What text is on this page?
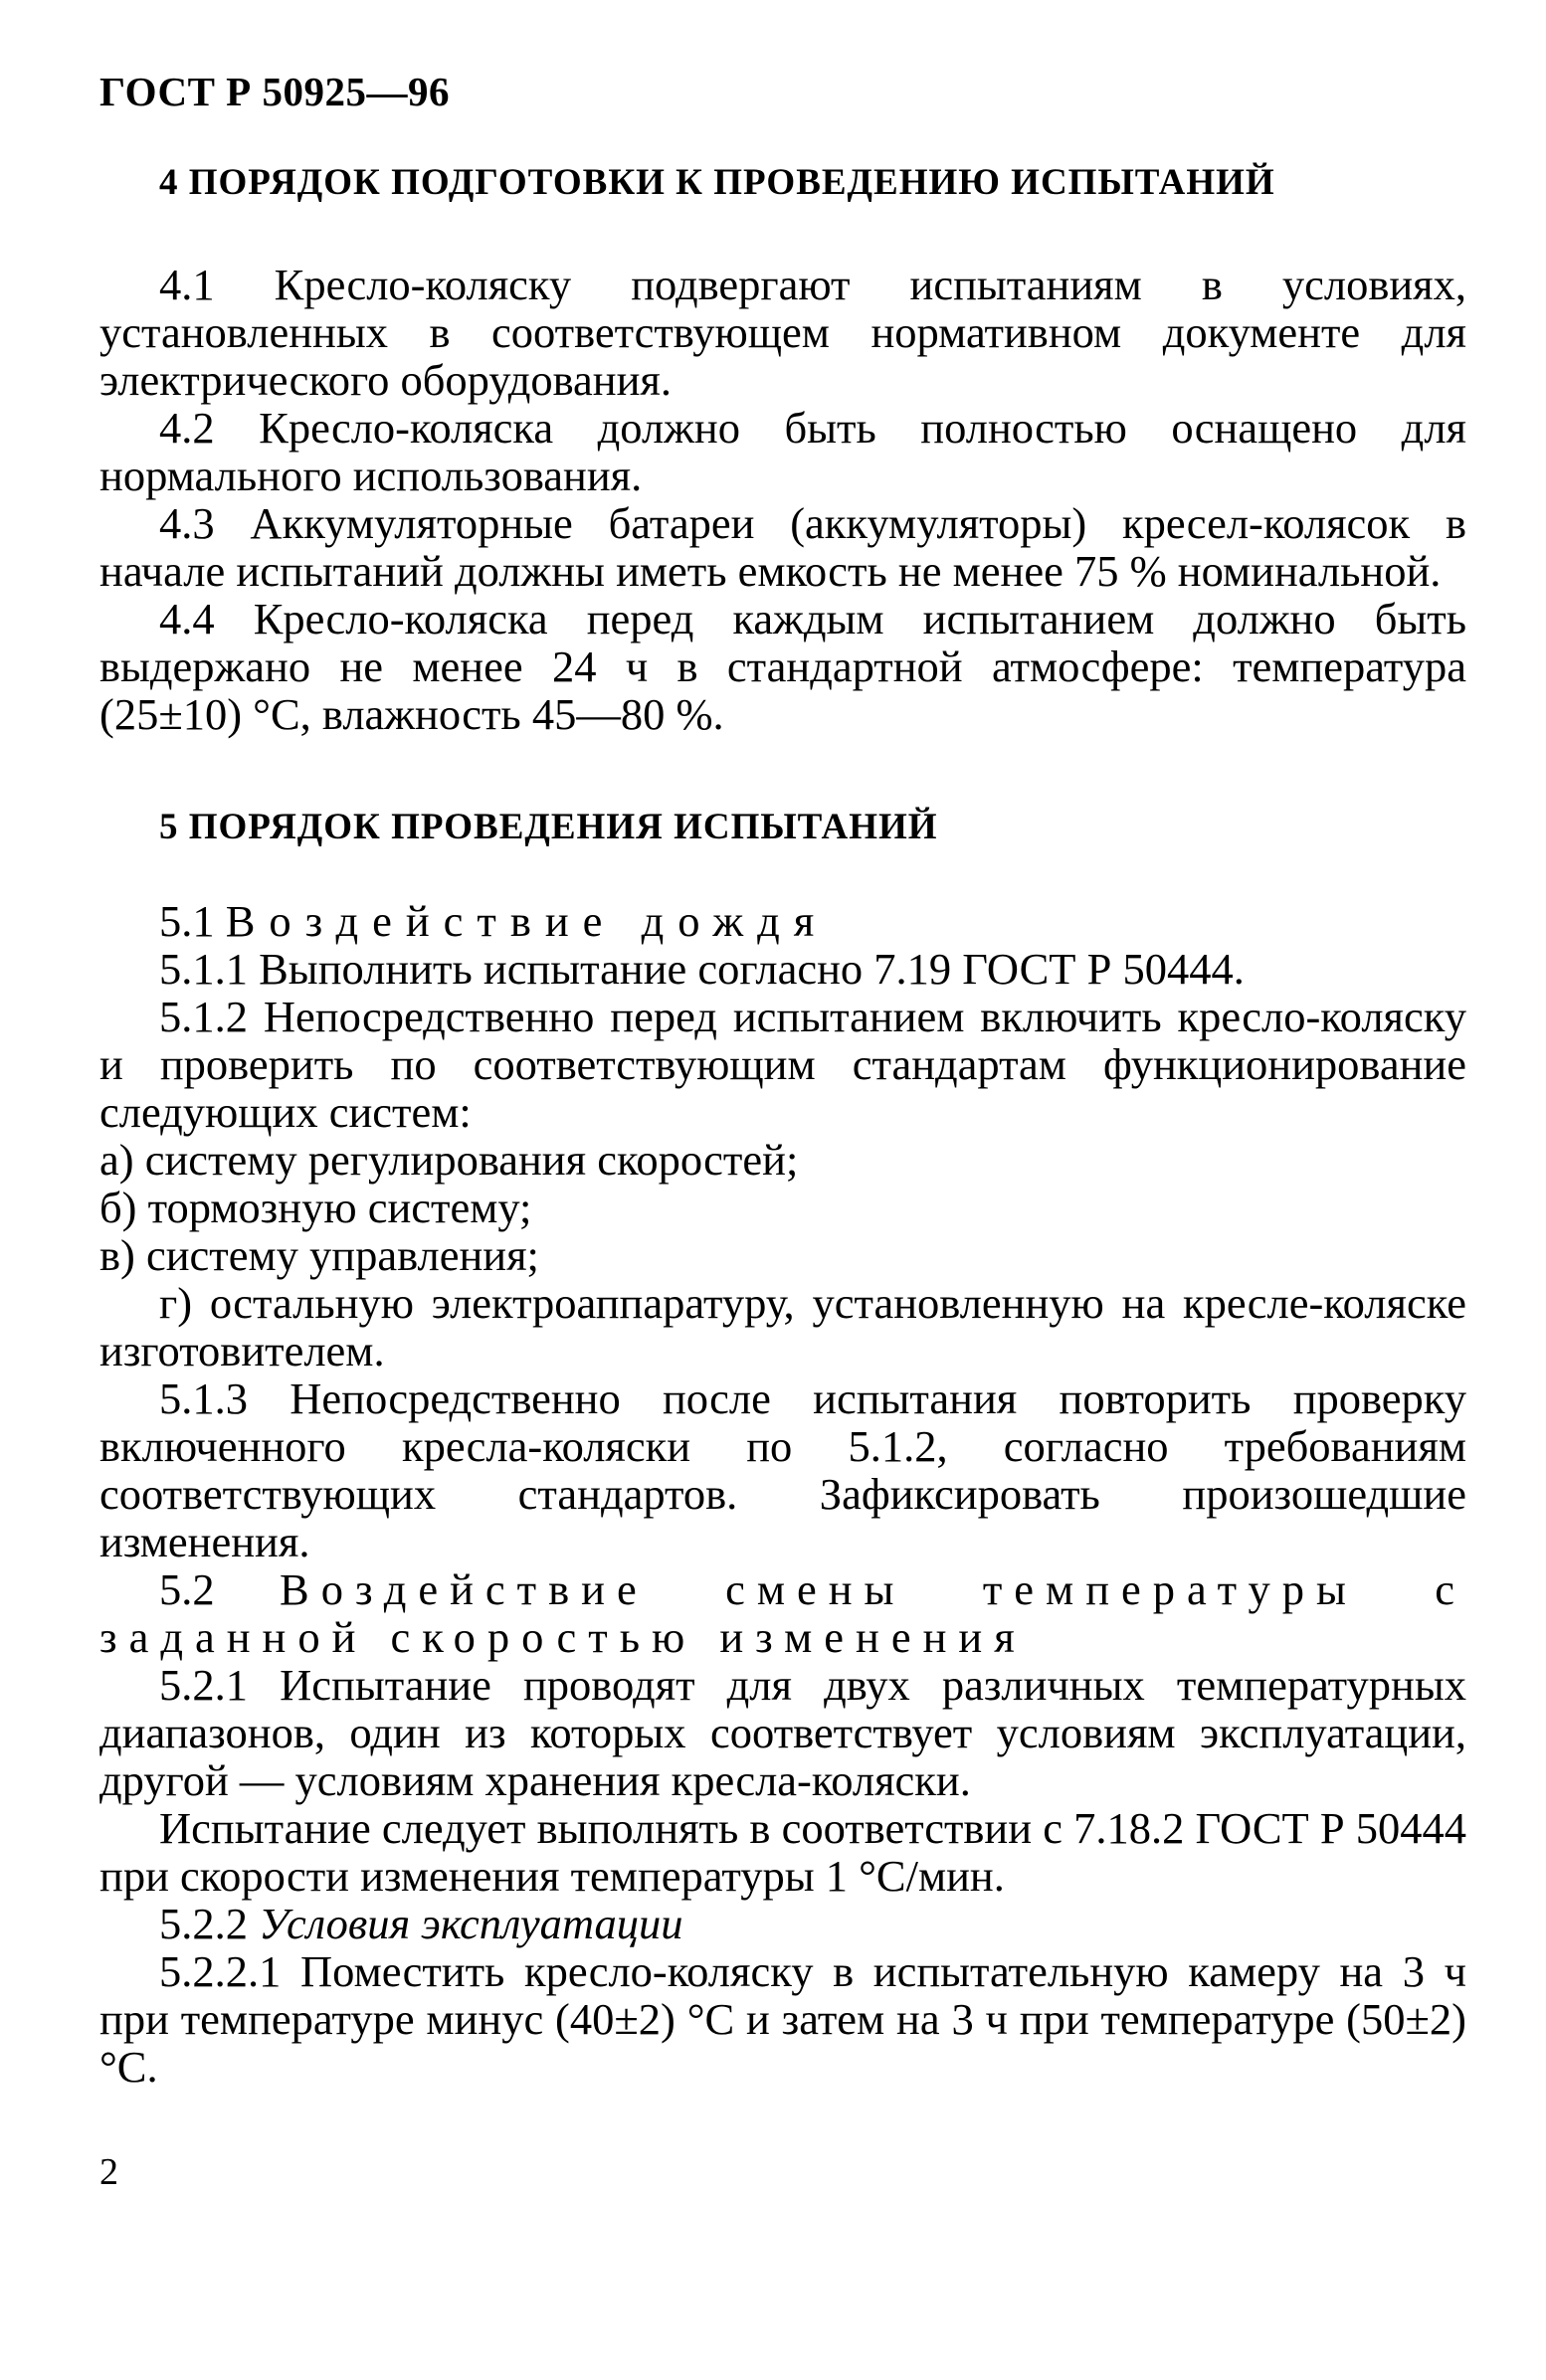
ГОСТ Р 50925—96
4 ПОРЯДОК ПОДГОТОВКИ К ПРОВЕДЕНИЮ ИСПЫТАНИЙ

4.1 Кресло-коляску подвергают испытаниям в условиях, установленных в соответствующем нормативном документе для электрического оборудования.

4.2 Кресло-коляска должно быть полностью оснащено для нормального использования.

4.3 Аккумуляторные батареи (аккумуляторы) кресел-колясок в начале испытаний должны иметь емкость не менее 75 % номинальной.

4.4 Кресло-коляска перед каждым испытанием должно быть выдержано не менее 24 ч в стандартной атмосфере: температура (25±10) °С, влажность 45—80 %.

5 ПОРЯДОК ПРОВЕДЕНИЯ ИСПЫТАНИЙ

5.1 Воздействие дождя

5.1.1 Выполнить испытание согласно 7.19 ГОСТ Р 50444.

5.1.2 Непосредственно перед испытанием включить кресло-коляску и проверить по соответствующим стандартам функционирование следующих систем:

а) систему регулирования скоростей;

б) тормозную систему;

в) систему управления;

г) остальную электроаппаратуру, установленную на кресле-коляске изготовителем.

5.1.3 Непосредственно после испытания повторить проверку включенного кресла-коляски по 5.1.2, согласно требованиям соответствующих стандартов. Зафиксировать произошедшие изменения.

5.2 Воздействие смены температуры с заданной скоростью изменения

5.2.1 Испытание проводят для двух различных температурных диапазонов, один из которых соответствует условиям эксплуатации, другой — условиям хранения кресла-коляски.

Испытание следует выполнять в соответствии с 7.18.2 ГОСТ Р 50444 при скорости изменения температуры 1 °С/мин.

5.2.2 Условия эксплуатации

5.2.2.1 Поместить кресло-коляску в испытательную камеру на 3 ч при температуре минус (40±2) °С и затем на 3 ч при температуре (50±2) °С.

2
